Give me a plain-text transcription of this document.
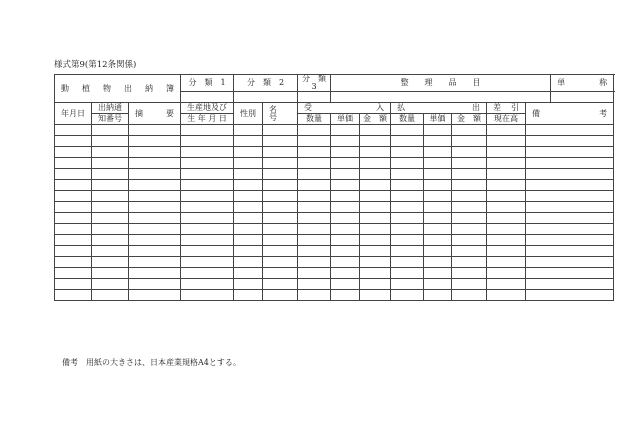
様式第9(第12条関係)
動　植　物　出　納　簿			分　類　1	分　類　2		分　類　3	整　　理　　品　　目							単　　　称

年月日	出納通	摘　　要	生産地及び	性別	名　号	受　　入			払　　出			差　引	備　　考	
	知番号		生 年 月 日			数量	単価	金　額	数量	単価	金　額	現在高		

備考　用紙の大きさは、日本産業規格A4とする。
